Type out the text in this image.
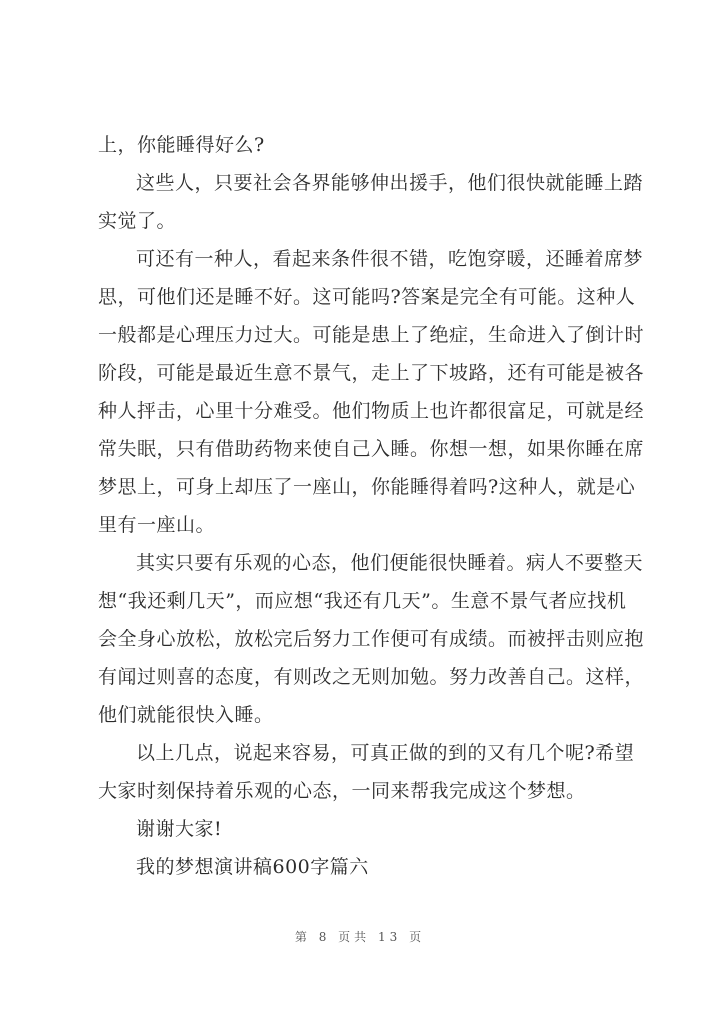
上，你能睡得好么?
这些人，只要社会各界能够伸出援手，他们很快就能睡上踏
实觉了。
可还有一种人，看起来条件很不错，吃饱穿暖，还睡着席梦
思，可他们还是睡不好。这可能吗?答案是完全有可能。这种人
一般都是心理压力过大。可能是患上了绝症，生命进入了倒计时
阶段，可能是最近生意不景气，走上了下坡路，还有可能是被各
种人抨击，心里十分难受。他们物质上也许都很富足，可就是经
常失眠，只有借助药物来使自己入睡。你想一想，如果你睡在席
梦思上，可身上却压了一座山，你能睡得着吗?这种人，就是心
里有一座山。
其实只要有乐观的心态，他们便能很快睡着。病人不要整天
想“我还剩几天”，而应想“我还有几天”。生意不景气者应找机
会全身心放松，放松完后努力工作便可有成绩。而被抨击则应抱
有闻过则喜的态度，有则改之无则加勉。努力改善自己。这样，
他们就能很快入睡。
以上几点，说起来容易，可真正做的到的又有几个呢?希望
大家时刻保持着乐观的心态，一同来帮我完成这个梦想。
谢谢大家!
我的梦想演讲稿600字篇六
第 8 页共 13 页
